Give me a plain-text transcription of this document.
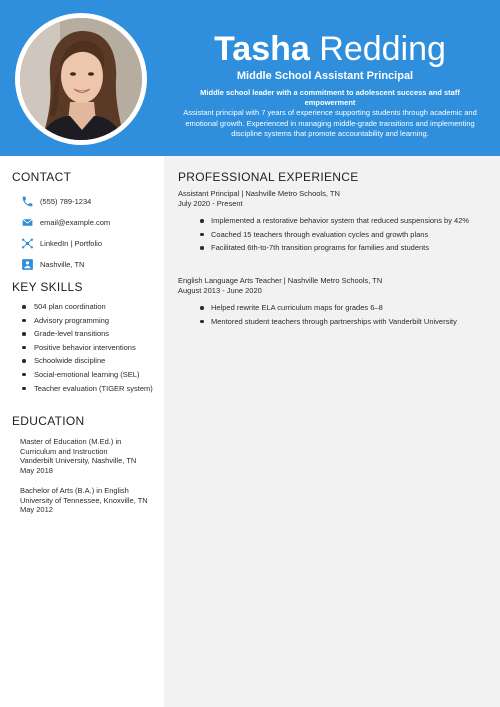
Tasha Redding
Middle School Assistant Principal
Middle school leader with a commitment to adolescent success and staff empowerment
Assistant principal with 7 years of experience supporting students through academic and emotional growth. Experienced in managing middle-grade transitions and implementing discipline systems that promote accountability and learning.
CONTACT
(555) 789-1234
email@example.com
LinkedIn | Portfolio
Nashville, TN
KEY SKILLS
504 plan coordination
Advisory programming
Grade-level transitions
Positive behavior interventions
Schoolwide discipline
Social-emotional learning (SEL)
Teacher evaluation (TIGER system)
EDUCATION
Master of Education (M.Ed.) in Curriculum and Instruction
Vanderbilt University, Nashville, TN
May 2018
Bachelor of Arts (B.A.) in English
University of Tennessee, Knoxville, TN
May 2012
PROFESSIONAL EXPERIENCE
Assistant Principal | Nashville Metro Schools, TN
July 2020 - Present
Implemented a restorative behavior system that reduced suspensions by 42%
Coached 15 teachers through evaluation cycles and growth plans
Facilitated 6th-to-7th transition programs for families and students
English Language Arts Teacher | Nashville Metro Schools, TN
August 2013 - June 2020
Helped rewrite ELA curriculum maps for grades 6–8
Mentored student teachers through partnerships with Vanderbilt University
